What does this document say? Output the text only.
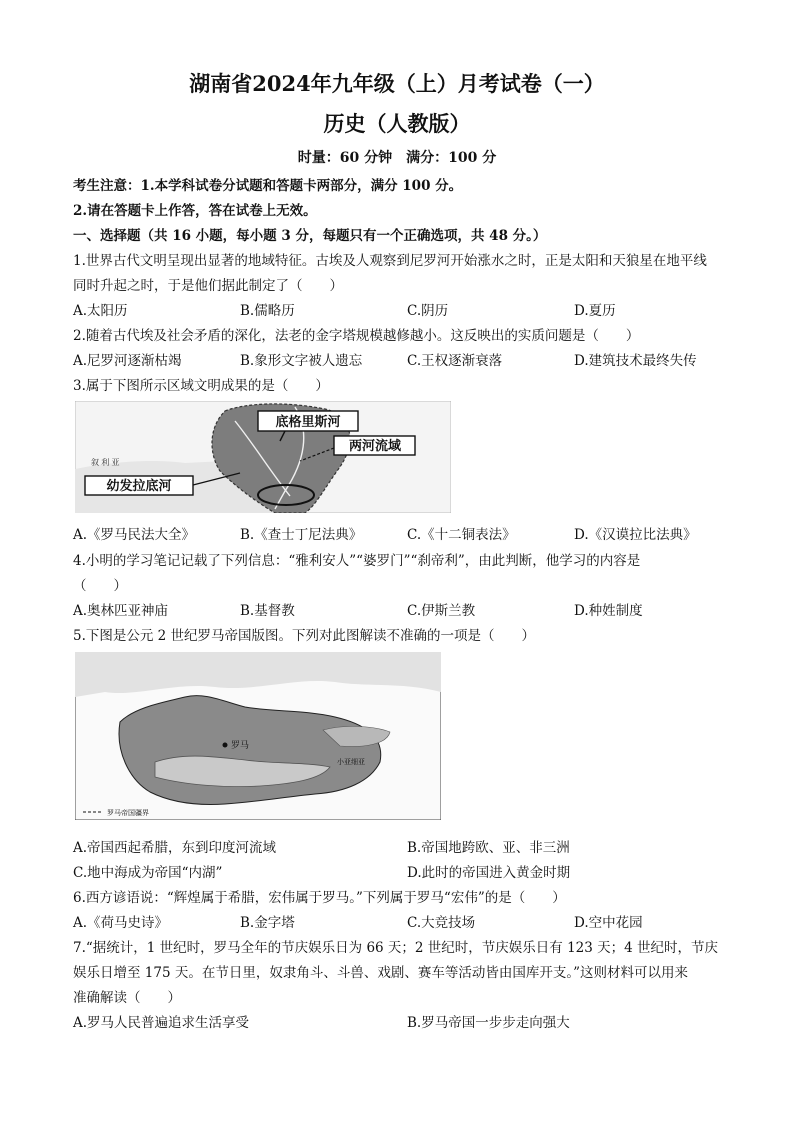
湖南省2024年九年级（上）月考试卷（一）
历史（人教版）
时量：60 分钟　满分：100 分
考生注意：1.本学科试卷分试题和答题卡两部分，满分 100 分。
2.请在答题卡上作答，答在试卷上无效。
一、选择题（共 16 小题，每小题 3 分，每题只有一个正确选项，共 48 分。）
1.世界古代文明呈现出显著的地域特征。古埃及人观察到尼罗河开始涨水之时，正是太阳和天狼星在地平线
同时升起之时，于是他们据此制定了（　　）
A.太阳历	B.儒略历	C.阴历	D.夏历
2.随着古代埃及社会矛盾的深化，法老的金字塔规模越修越小。这反映出的实质问题是（　　）
A.尼罗河逐渐枯竭	B.象形文字被人遗忘	C.王权逐渐衰落	D.建筑技术最终失传
3.属于下图所示区域文明成果的是（　　）
底格里斯河
两河流域
幼发拉底河
叙 利 亚
A.《罗马民法大全》	B.《查士丁尼法典》	C.《十二铜表法》	D.《汉谟拉比法典》
4.小明的学习笔记记载了下列信息：“雅利安人”“婆罗门”“刹帝利”，由此判断，他学习的内容是
（　　）
A.奥林匹亚神庙	B.基督教	C.伊斯兰教	D.种姓制度
5.下图是公元 2 世纪罗马帝国版图。下列对此图解读不准确的一项是（　　）
罗马
小亚细亚
罗马帝国疆界
A.帝国西起希腊，东到印度河流域	B.帝国地跨欧、亚、非三洲
C.地中海成为帝国“内湖”	D.此时的帝国进入黄金时期
6.西方谚语说：“辉煌属于希腊，宏伟属于罗马。”下列属于罗马“宏伟”的是（　　）
A.《荷马史诗》	B.金字塔	C.大竞技场	D.空中花园
7.“据统计，1 世纪时，罗马全年的节庆娱乐日为 66 天；2 世纪时，节庆娱乐日有 123 天；4 世纪时，节庆
娱乐日增至 175 天。在节日里，奴隶角斗、斗兽、戏剧、赛车等活动皆由国库开支。”这则材料可以用来
准确解读（　　）
A.罗马人民普遍追求生活享受	B.罗马帝国一步步走向强大
